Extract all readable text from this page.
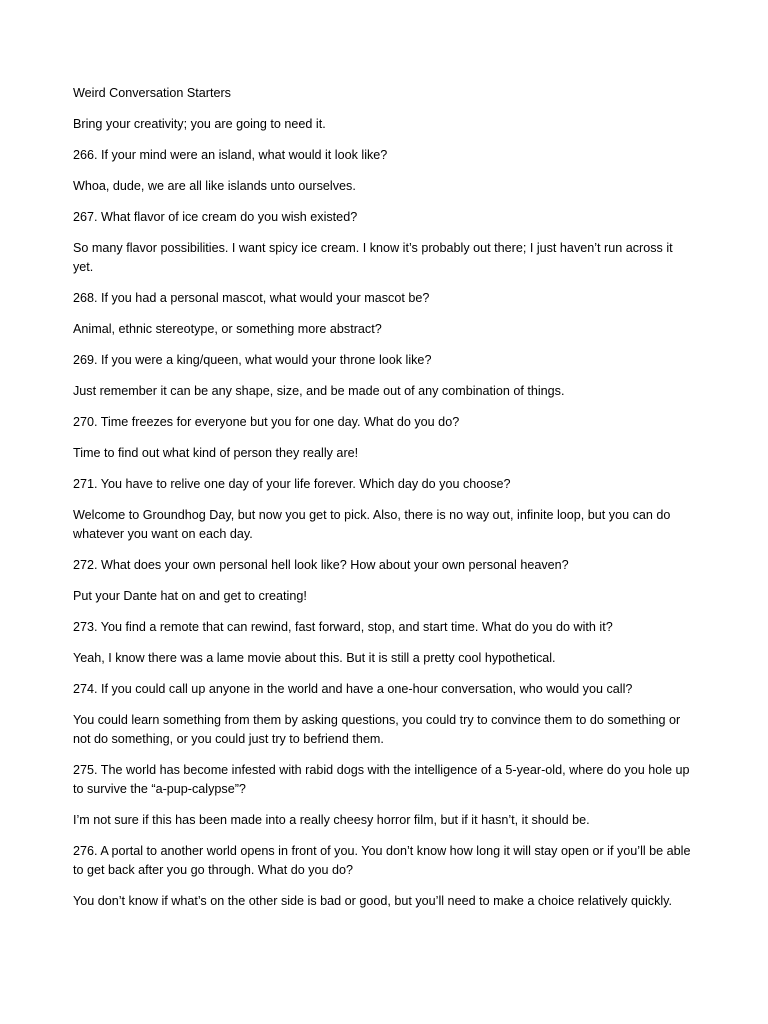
Weird Conversation Starters

Bring your creativity; you are going to need it.

266. If your mind were an island, what would it look like?

Whoa, dude, we are all like islands unto ourselves.

267. What flavor of ice cream do you wish existed?

So many flavor possibilities. I want spicy ice cream. I know it’s probably out there; I just haven’t run across it yet.

268. If you had a personal mascot, what would your mascot be?

Animal, ethnic stereotype, or something more abstract?

269. If you were a king/queen, what would your throne look like?

Just remember it can be any shape, size, and be made out of any combination of things.

270. Time freezes for everyone but you for one day. What do you do?

Time to find out what kind of person they really are!

271. You have to relive one day of your life forever. Which day do you choose?

Welcome to Groundhog Day, but now you get to pick. Also, there is no way out, infinite loop, but you can do whatever you want on each day.

272. What does your own personal hell look like? How about your own personal heaven?

Put your Dante hat on and get to creating!

273. You find a remote that can rewind, fast forward, stop, and start time. What do you do with it?

Yeah, I know there was a lame movie about this. But it is still a pretty cool hypothetical.

274. If you could call up anyone in the world and have a one-hour conversation, who would you call?

You could learn something from them by asking questions, you could try to convince them to do something or not do something, or you could just try to befriend them.

275. The world has become infested with rabid dogs with the intelligence of a 5-year-old, where do you hole up to survive the “a-pup-calypse”?

I’m not sure if this has been made into a really cheesy horror film, but if it hasn’t, it should be.

276. A portal to another world opens in front of you. You don’t know how long it will stay open or if you’ll be able to get back after you go through. What do you do?

You don’t know if what’s on the other side is bad or good, but you’ll need to make a choice relatively quickly.
